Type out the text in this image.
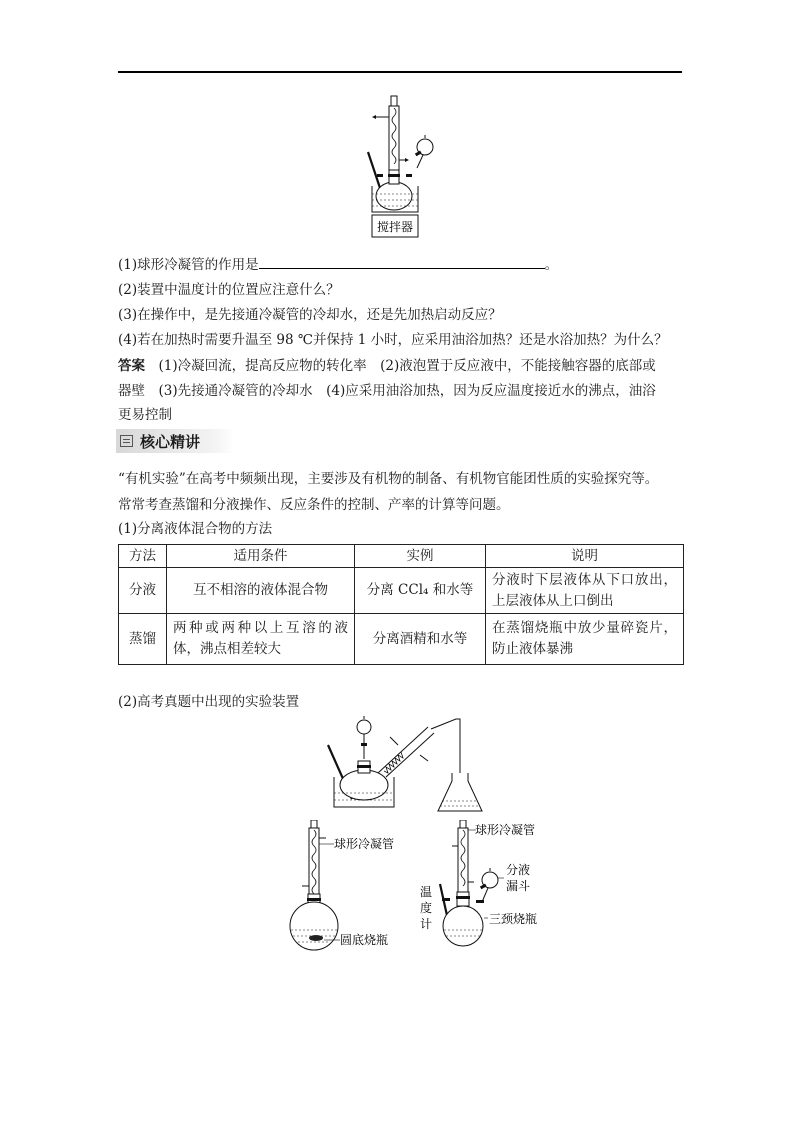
搅拌器
(1)球形冷凝管的作用是	。
(2)装置中温度计的位置应注意什么？
(3)在操作中，是先接通冷凝管的冷却水，还是先加热启动反应？
(4)若在加热时需要升温至 98 ℃并保持 1 小时，应采用油浴加热？还是水浴加热？为什么？
答案　 (1)冷凝回流，提高反应物的转化率　(2)液泡置于反应液中，不能接触容器的底部或
器壁　(3)先接通冷凝管的冷却水　(4)应采用油浴加热，因为反应温度接近水的沸点，油浴
更易控制
核心精讲
“有机实验”在高考中频频出现，主要涉及有机物的制备、有机物官能团性质的实验探究等。
常常考查蒸馏和分液操作、反应条件的控制、产率的计算等问题。
(1)分离液体混合物的方法
方法	适用条件	实例	说明
分液	互不相溶的液体混合物	分离 CCl₄ 和水等	分液时下层液体从下口放出，上层液体从上口倒出
蒸馏	两种或两种以上互溶的液体，沸点相差较大	分离酒精和水等	在蒸馏烧瓶中放少量碎瓷片，防止液体暴沸
(2)高考真题中出现的实验装置
球形冷凝管
圆底烧瓶
球形冷凝管
分液
漏斗
温
度
计	三颈烧瓶
